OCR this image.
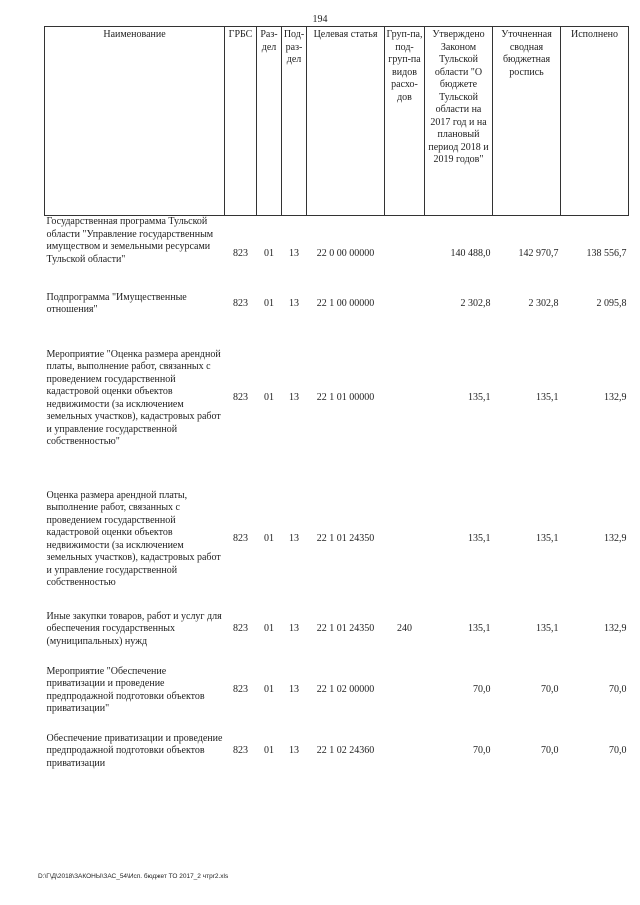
194
Наименование	ГРБС	Раз-дел	Под-раз-дел	Целевая статья	Груп-па, под-груп-па видов расхо-дов	Утверждено Законом Тульской области "О бюджете Тульской области на 2017 год и на плановый период 2018 и 2019 годов"	Уточненная сводная бюджетная роспись	Исполнено
Государственная программа Тульской области "Управление государственным имуществом и земельными ресурсами Тульской области"	823	01	13	22 0 00 00000		140 488,0	142 970,7	138 556,7
Подпрограмма "Имущественные отношения"	823	01	13	22 1 00 00000		2 302,8	2 302,8	2 095,8
Мероприятие "Оценка размера арендной платы, выполнение работ, связанных с проведением государственной кадастровой оценки объектов недвижимости (за исключением земельных участков), кадастровых работ и управление государственной собственностью"	823	01	13	22 1 01 00000		135,1	135,1	132,9
Оценка размера арендной платы, выполнение работ, связанных с проведением государственной кадастровой оценки объектов недвижимости (за исключением земельных участков), кадастровых работ и управление государственной собственностью	823	01	13	22 1 01 24350		135,1	135,1	132,9
Иные закупки товаров, работ и услуг для обеспечения государственных (муниципальных) нужд	823	01	13	22 1 01 24350	240	135,1	135,1	132,9
Мероприятие "Обеспечение приватизации и проведение предпродажной подготовки объектов приватизации"	823	01	13	22 1 02 00000		70,0	70,0	70,0
Обеспечение приватизации и проведение предпродажной подготовки объектов приватизации	823	01	13	22 1 02 24360		70,0	70,0	70,0
D:\Г\Д\2018\ЗАКОНЫ\ЗАС_54\Исп. бюджет ТО 2017_2 чтpr2.xls
